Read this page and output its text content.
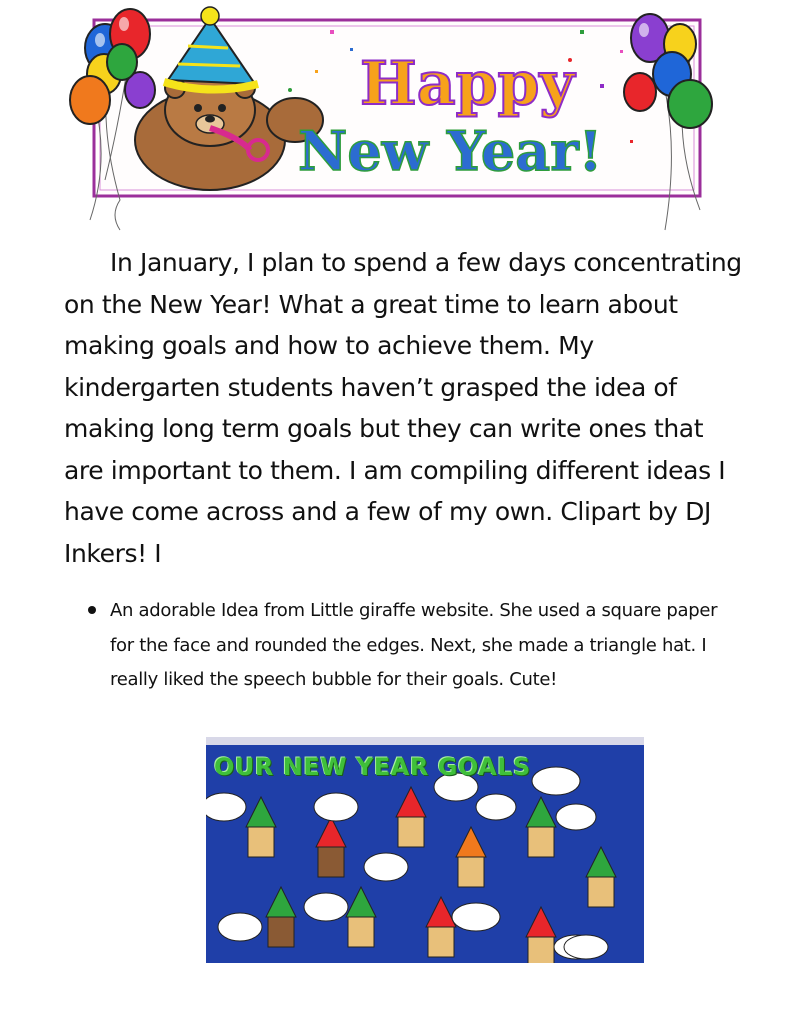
Happy
New Year!

In January, I plan to spend a few days concentrating on the New Year! What a great time to learn about making goals and how to achieve them. My kindergarten students haven’t grasped the idea of making long term goals but they can write ones that are important to them. I am compiling different ideas I have come across and a few of my own. Clipart by DJ Inkers! I

An adorable Idea from Little giraffe website. She used a square paper for the face and rounded the edges. Next, she made a triangle hat. I really liked the speech bubble for their goals. Cute!
OUR NEW YEAR GOALS
